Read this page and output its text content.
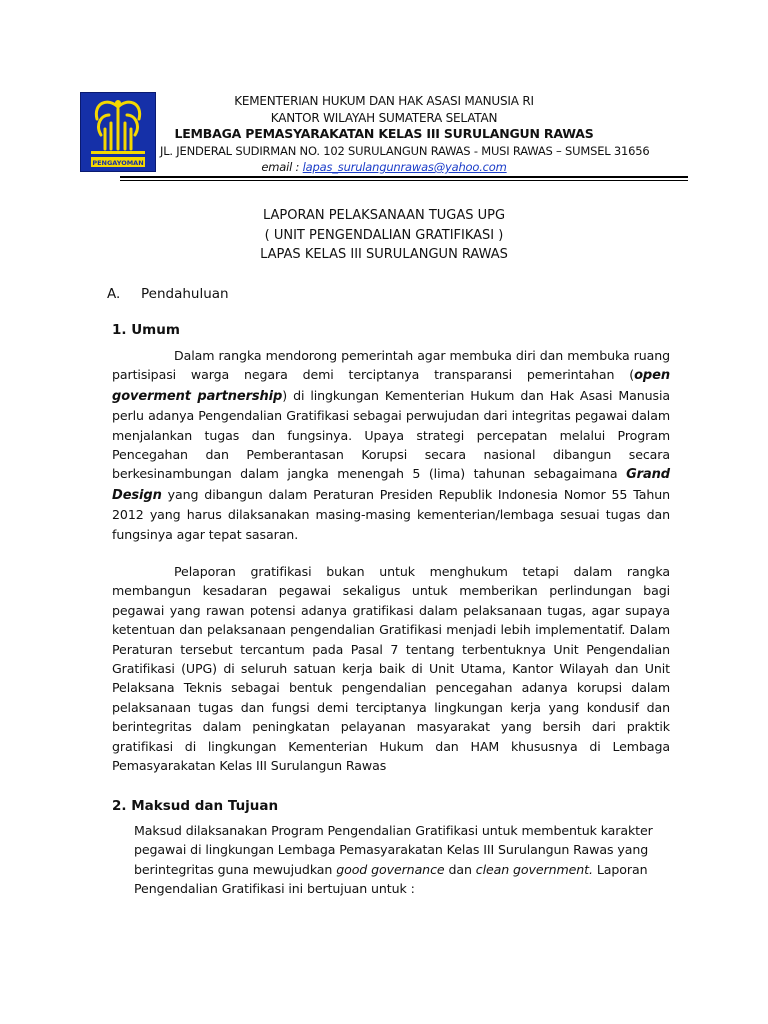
PENGAYOMAN
KEMENTERIAN HUKUM DAN HAK ASASI MANUSIA RI
KANTOR WILAYAH SUMATERA SELATAN
LEMBAGA PEMASYARAKATAN KELAS III SURULANGUN RAWAS
JL. JENDERAL SUDIRMAN NO. 102 SURULANGUN RAWAS - MUSI RAWAS – SUMSEL 31656
email : lapas_surulangunrawas@yahoo.com
LAPORAN PELAKSANAAN TUGAS UPG
( UNIT PENGENDALIAN GRATIFIKASI )
LAPAS KELAS III SURULANGUN RAWAS
A. Pendahuluan
1. Umum
Dalam rangka mendorong pemerintah agar membuka diri dan membuka ruang partisipasi warga negara demi terciptanya transparansi pemerintahan (open goverment partnership) di lingkungan Kementerian Hukum dan Hak Asasi Manusia perlu adanya Pengendalian Gratifikasi sebagai perwujudan dari integritas pegawai dalam menjalankan tugas dan fungsinya. Upaya strategi percepatan melalui Program Pencegahan dan Pemberantasan Korupsi secara nasional dibangun secara berkesinambungan dalam jangka menengah 5 (lima) tahunan sebagaimana Grand Design yang dibangun dalam Peraturan Presiden Republik Indonesia Nomor 55 Tahun 2012 yang harus dilaksanakan masing-masing kementerian/lembaga sesuai tugas dan fungsinya agar tepat sasaran.
Pelaporan gratifikasi bukan untuk menghukum tetapi dalam rangka membangun kesadaran pegawai sekaligus untuk memberikan perlindungan bagi pegawai yang rawan potensi adanya gratifikasi dalam pelaksanaan tugas, agar supaya ketentuan dan pelaksanaan pengendalian Gratifikasi menjadi lebih implementatif. Dalam Peraturan tersebut tercantum pada Pasal 7 tentang terbentuknya Unit Pengendalian Gratifikasi (UPG) di seluruh satuan kerja baik di Unit Utama, Kantor Wilayah dan Unit Pelaksana Teknis sebagai bentuk pengendalian pencegahan adanya korupsi dalam pelaksanaan tugas dan fungsi demi terciptanya lingkungan kerja yang kondusif dan berintegritas dalam peningkatan pelayanan masyarakat yang bersih dari praktik gratifikasi di lingkungan Kementerian Hukum dan HAM khususnya di Lembaga Pemasyarakatan Kelas III Surulangun Rawas
2. Maksud dan Tujuan
Maksud dilaksanakan Program Pengendalian Gratifikasi untuk membentuk karakter pegawai di lingkungan Lembaga Pemasyarakatan Kelas III Surulangun Rawas yang berintegritas guna mewujudkan good governance dan clean government. Laporan Pengendalian Gratifikasi ini bertujuan untuk :
